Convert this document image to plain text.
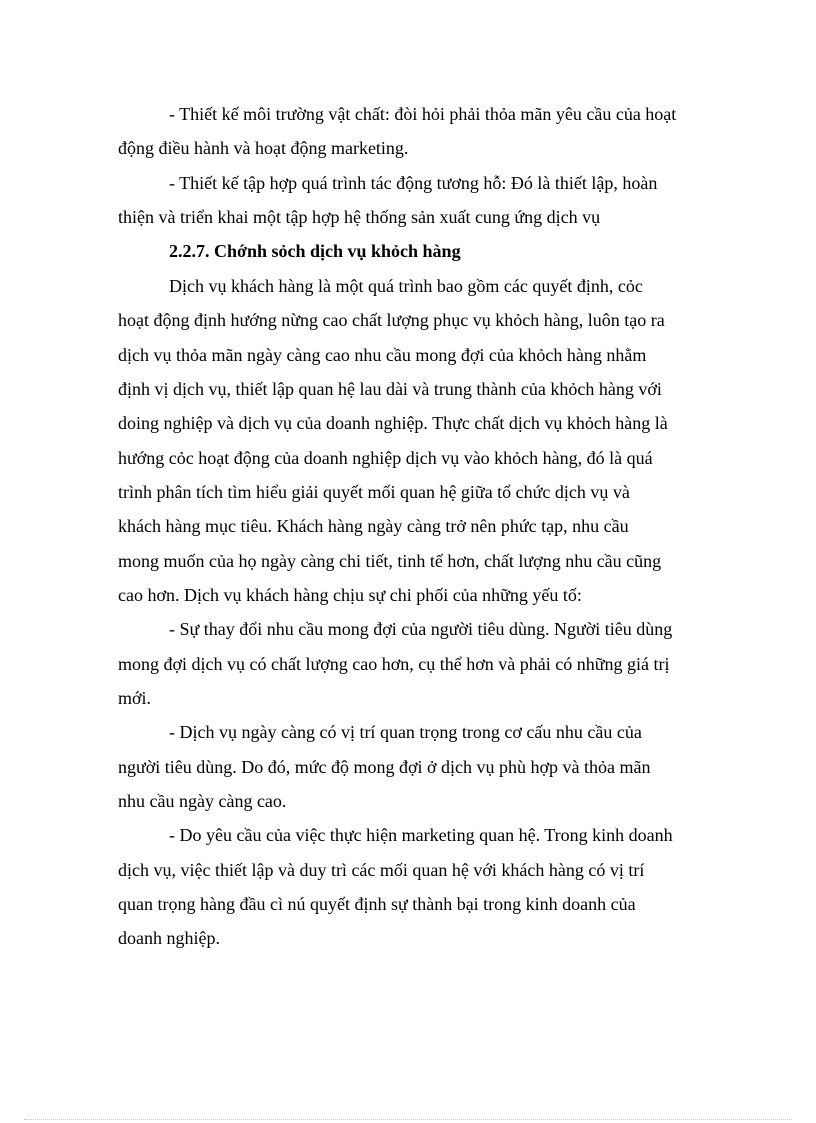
- Thiết kế môi trường vật chất: đòi hỏi phải thỏa mãn yêu cầu của hoạt
động điều hành và hoạt động marketing.
- Thiết kế tập hợp quá trình tác động tương hỗ: Đó là thiết lập, hoàn
thiện và triển khai một tập hợp hệ thống sản xuất cung ứng dịch vụ
2.2.7. Chớnh sỏch dịch vụ khỏch hàng
Dịch vụ khách hàng là một quá trình bao gồm các quyết định, cỏc
hoạt động định hướng nừng cao chất lượng phục vụ khỏch hàng, luôn tạo ra
dịch vụ thỏa mãn ngày càng cao nhu cầu mong đợi của khỏch hàng nhằm
định vị dịch vụ, thiết lập quan hệ lau dài và trung thành của khỏch hàng với
doing nghiệp và dịch vụ của doanh nghiệp. Thực chất dịch vụ khỏch hàng là
hướng cỏc hoạt động của doanh nghiệp dịch vụ vào khỏch hàng, đó là quá
trình phân tích tìm hiểu giải quyết mối quan hệ giữa tổ chức dịch vụ và
khách hàng mục tiêu. Khách hàng ngày càng trở nên phức tạp, nhu cầu
mong muốn của họ ngày càng chi tiết, tinh tế hơn, chất lượng nhu cầu cũng
cao hơn. Dịch vụ khách hàng chịu sự chi phối của những yếu tố:
- Sự thay đổi nhu cầu mong đợi của người tiêu dùng. Người tiêu dùng
mong đợi dịch vụ có chất lượng cao hơn, cụ thể hơn và phải có những giá trị
mới.
- Dịch vụ ngày càng có vị trí quan trọng trong cơ cấu nhu cầu của
người tiêu dùng. Do đó, mức độ mong đợi ở dịch vụ phù hợp và thỏa mãn
nhu cầu ngày càng cao.
- Do yêu cầu của việc thực hiện marketing quan hệ. Trong kinh doanh
dịch vụ, việc thiết lập và duy trì các mối quan hệ với khách hàng có vị trí
quan trọng hàng đầu cì nú quyết định sự thành bại trong kinh doanh của
doanh nghiệp.
